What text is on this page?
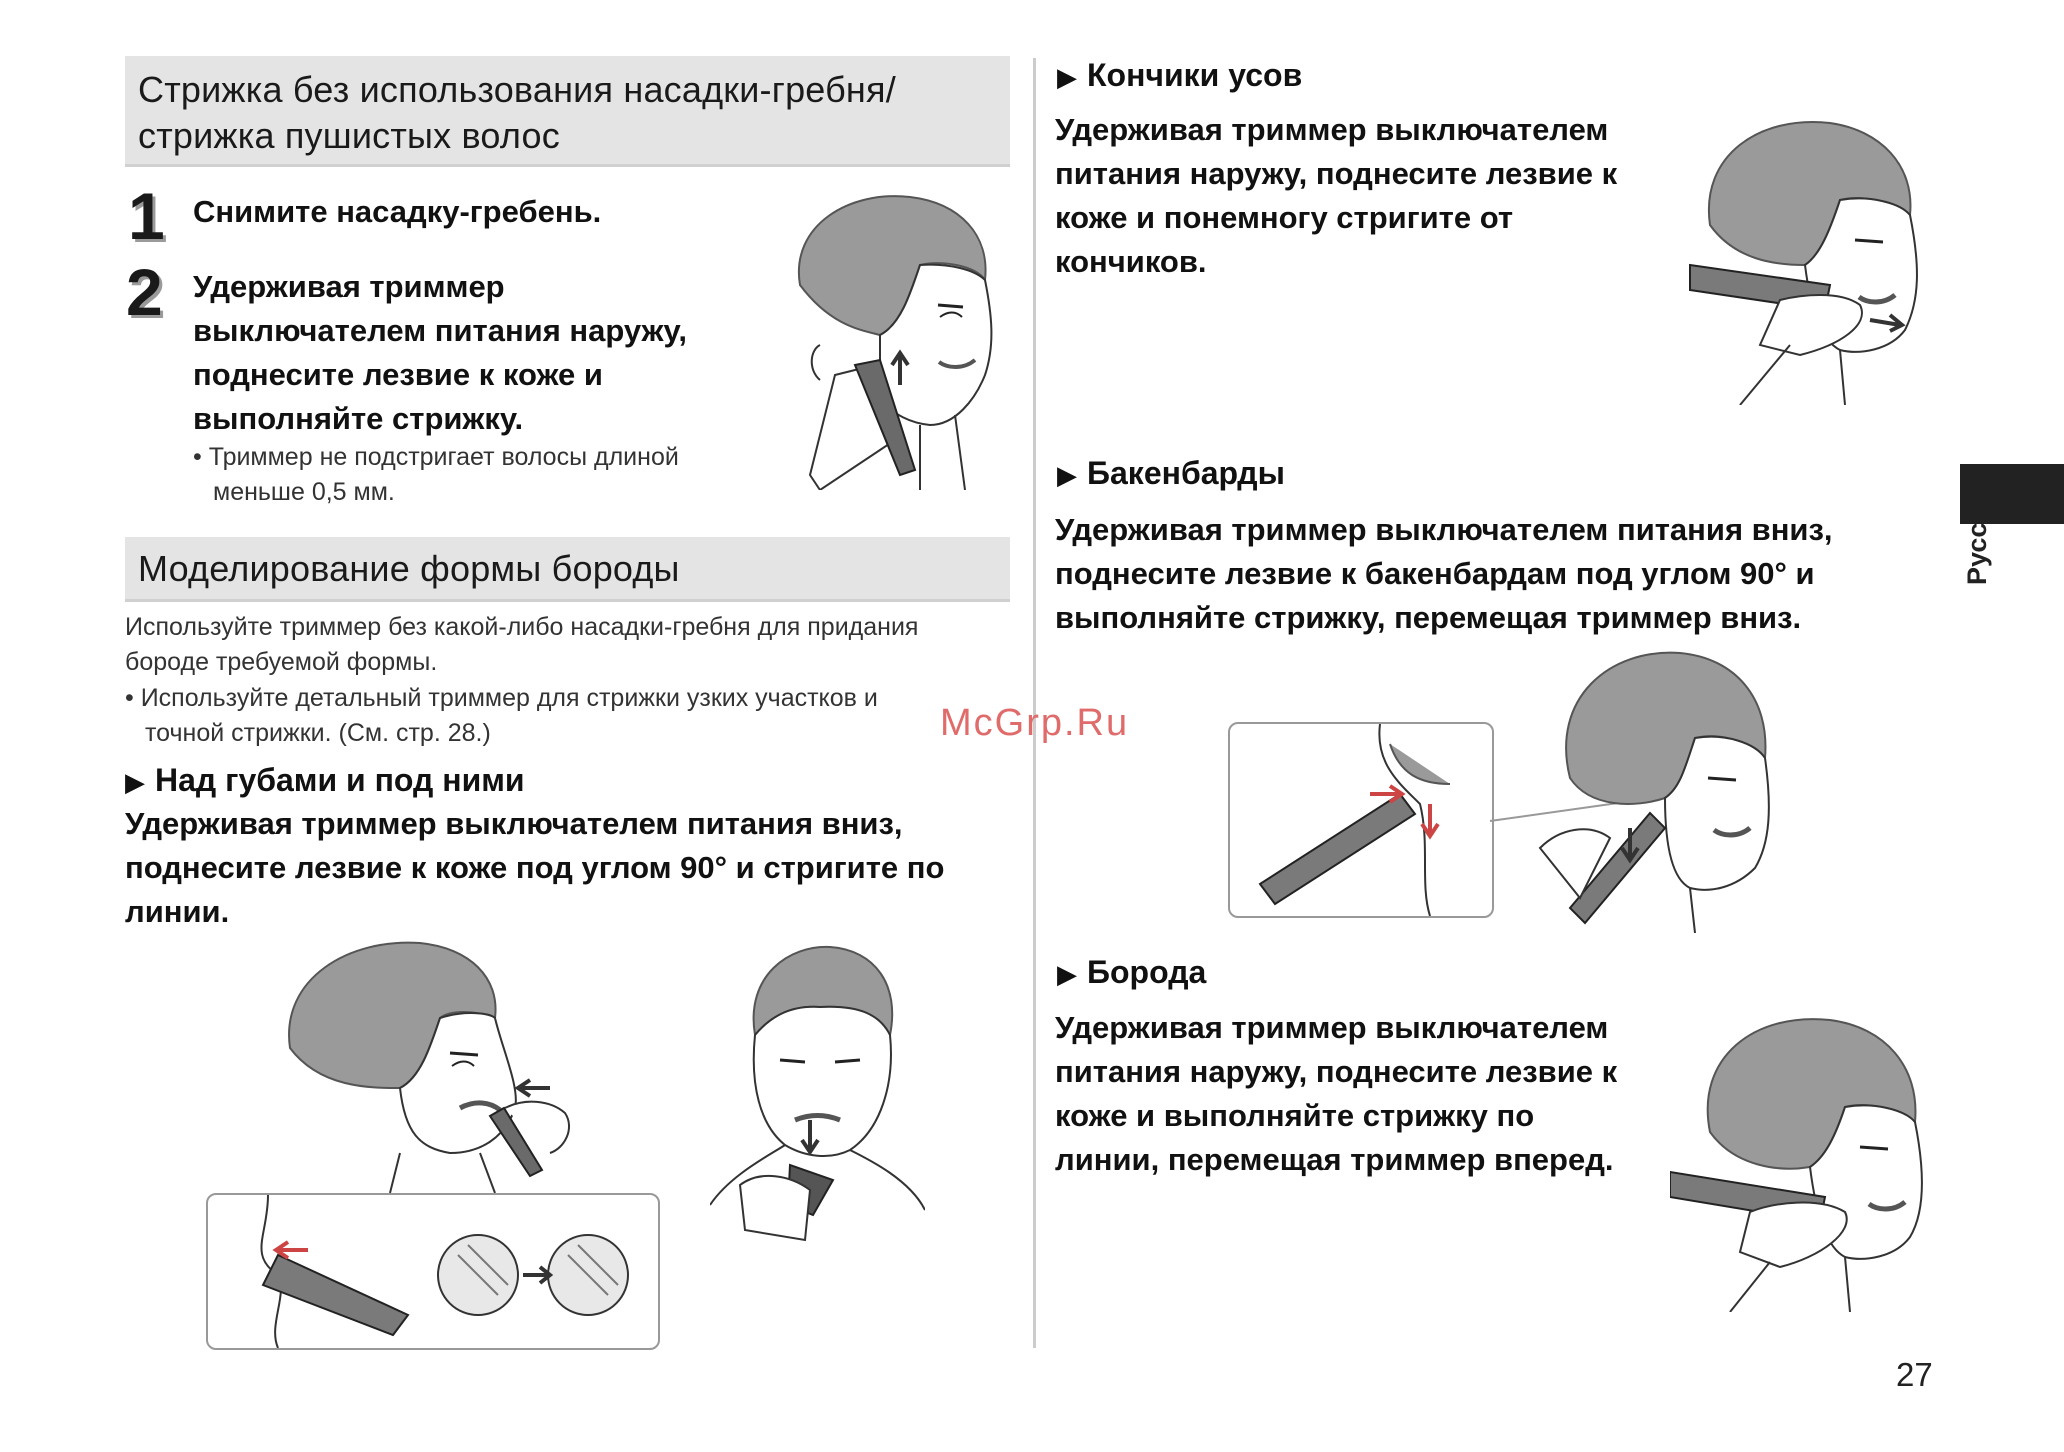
Стрижка без использования насадки-гребня/
стрижка пушистых волос
1 Снимите насадку-гребень.
2 Удерживая триммер
выключателем питания наружу,
поднесите лезвие к коже и
выполняйте стрижку.
• Триммер не подстригает волосы длиной
меньше 0,5 мм.
Моделирование формы бороды
Используйте триммер без какой-либо насадки-гребня для придания
бороде требуемой формы.
• Используйте детальный триммер для стрижки узких участков и
точной стрижки. (См. стр. 28.)
▶ Над губами и под ними
Удерживая триммер выключателем питания вниз,
поднесите лезвие к коже под углом 90° и стригите по
линии.
▶ Кончики усов
Удерживая триммер выключателем
питания наружу, поднесите лезвие к
коже и понемногу стригите от
кончиков.
▶ Бакенбарды
Удерживая триммер выключателем питания вниз,
поднесите лезвие к бакенбардам под углом 90° и
выполняйте стрижку, перемещая триммер вниз.
▶ Борода
Удерживая триммер выключателем
питания наружу, поднесите лезвие к
коже и выполняйте стрижку по
линии, перемещая триммер вперед.
Русский
McGrp.Ru
27
